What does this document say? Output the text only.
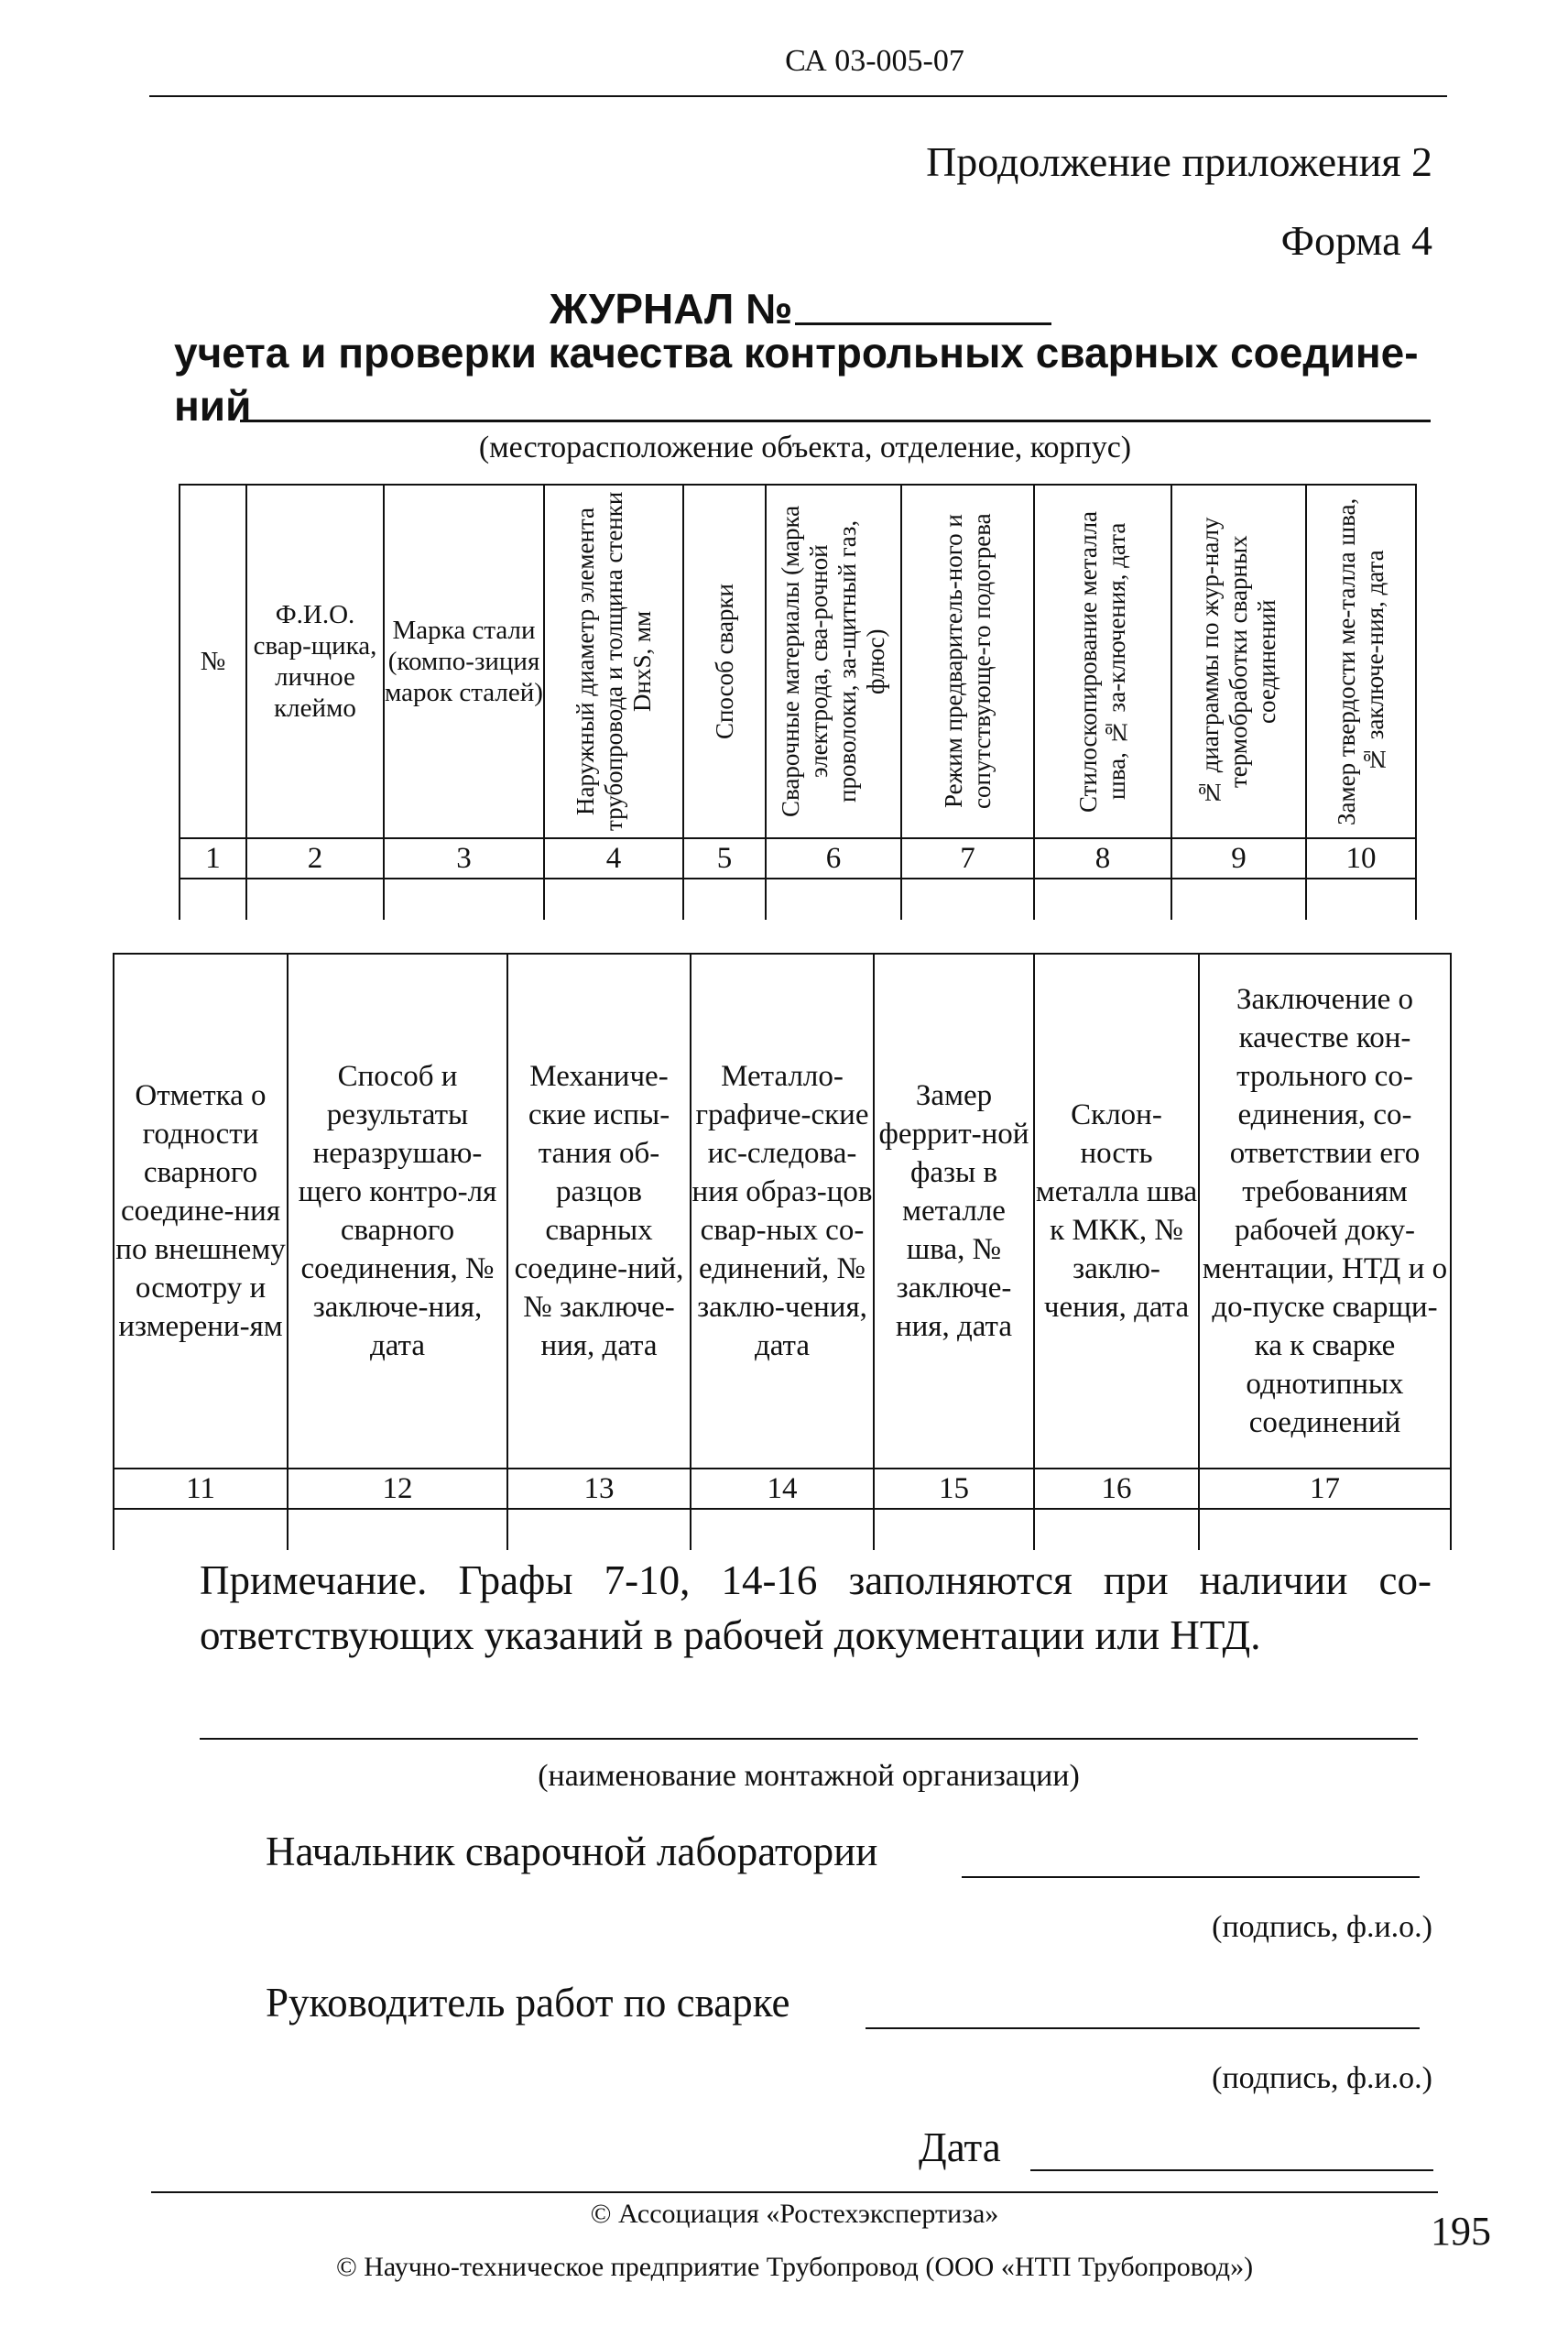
СА 03-005-07
Продолжение приложения 2
Форма 4
ЖУРНАЛ №
учета и проверки качества контрольных сварных соедине-
ний
(месторасположение объекта, отделение, корпус)
№	Ф.И.О. свар-щика, личное клеймо	Марка стали (компо-зиция марок сталей)	Наружный диаметр элемента трубопровода и толщина стенки DнxS, мм	Способ сварки	Сварочные материалы (марка электрода, сва-рочной проволоки, за-щитный газ, флюс)	Режим предваритель-ного и сопутствующе-го подогрева	Стилоскопирование металла шва, № за-ключения, дата	№ диаграммы по жур-налу термобработки сварных соединений	Замер твердости ме-талла шва, № заключе-ния, дата

1	2	3	4	5	6	7	8	9	10

Отметка о годности сварного соедине-ния по внешнему осмотру и измерени-ям	Способ и результаты неразрушаю-щего контро-ля сварного соединения, № заключе-ния, дата	Механиче-ские испы-тания об-разцов сварных соедине-ний, № заключе-ния, дата	Металло-графиче-ские ис-следова-ния образ-цов свар-ных со-единений, № заклю-чения, дата	Замер феррит-ной фазы в металле шва, № заключе-ния, дата	Склон-ность металла шва к МКК, № заклю-чения, дата	Заключение о качестве кон-трольного со-единения, со-ответствии его требованиям рабочей доку-ментации, НТД и о до-пуске сварщи-ка к сварке однотипных соединений
11	12	13	14	15	16	17

Примечание. Графы 7-10, 14-16 заполняются при наличии со-ответствующих указаний в рабочей документации или НТД.
(наименование монтажной организации)
Начальник сварочной лаборатории
(подпись, ф.и.о.)
Руководитель работ по сварке
(подпись, ф.и.о.)
Дата
© Ассоциация «Ростехэкспертиза»
© Научно-техническое предприятие Трубопровод (ООО «НТП Трубопровод»)
195
